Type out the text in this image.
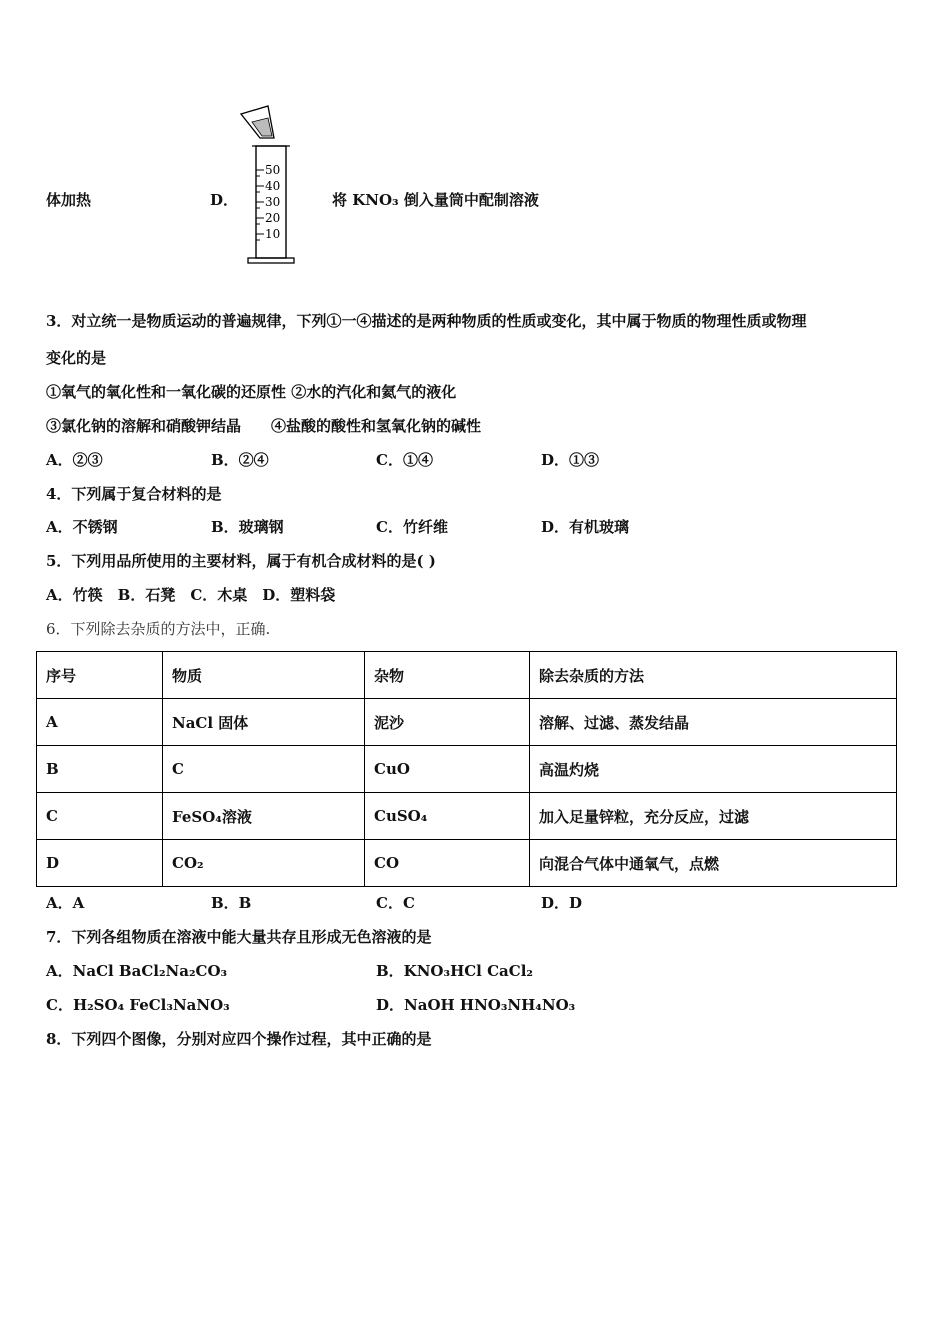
体加热	D．
50
40
30
20
10
将 KNO₃ 倒入量筒中配制溶液
3．对立统一是物质运动的普遍规律，下列①一④描述的是两种物质的性质或变化，其中属于物质的物理性质或物理
变化的是
①氧气的氧化性和一氧化碳的还原性 ②水的汽化和氦气的液化
③氯化钠的溶解和硝酸钾结晶　　④盐酸的酸性和氢氧化钠的碱性
A．②③	B．②④	C．①④	D．①③
4．下列属于复合材料的是
A．不锈钢	B．玻璃钢	C．竹纤维	D．有机玻璃
5．下列用品所使用的主要材料，属于有机合成材料的是( )
A．竹筷　B．石凳　C．木桌　D．塑料袋
6．下列除去杂质的方法中，正确.
序号	物质	杂物	除去杂质的方法
A	NaCl 固体	泥沙	溶解、过滤、蒸发结晶
B	C	CuO	高温灼烧
C	FeSO₄溶液	CuSO₄	加入足量锌粒，充分反应，过滤
D	CO₂	CO	向混合气体中通氧气，点燃
A．A	B．B	C．C	D．D
7．下列各组物质在溶液中能大量共存且形成无色溶液的是
A．NaCl BaCl₂Na₂CO₃	B．KNO₃HCl CaCl₂
C．H₂SO₄ FeCl₃NaNO₃	D．NaOH HNO₃NH₄NO₃
8．下列四个图像，分别对应四个操作过程，其中正确的是
